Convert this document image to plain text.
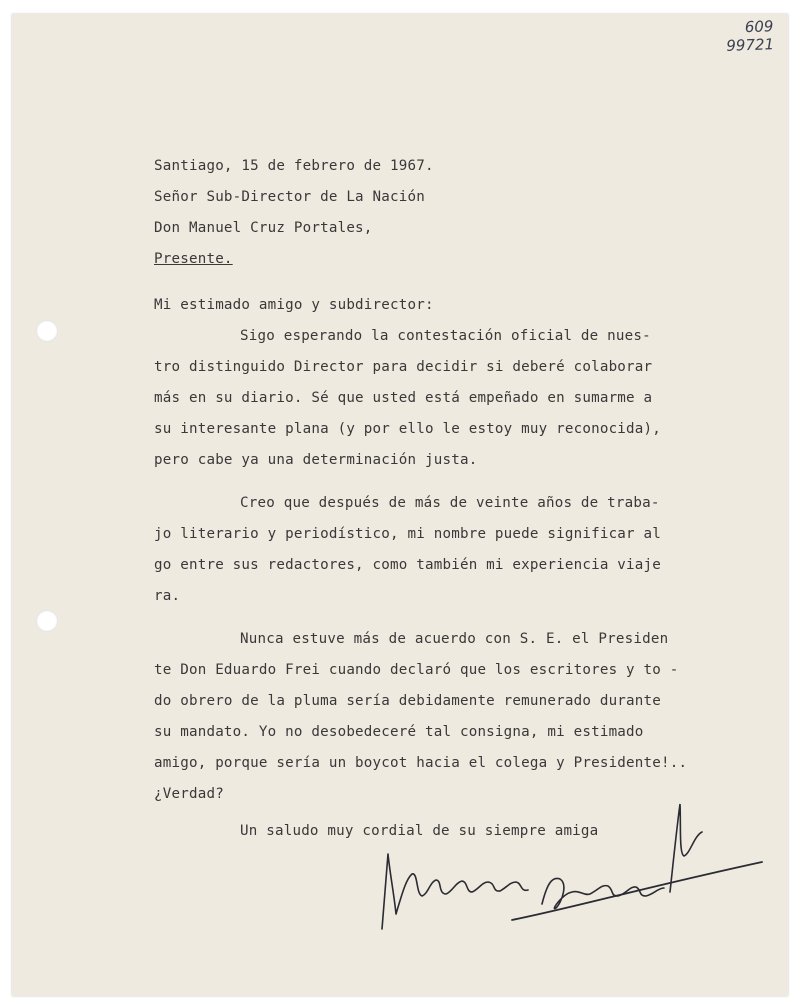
609
99721
Santiago, 15 de febrero de 1967.
Señor Sub-Director de La Nación
Don Manuel Cruz Portales,
Presente.
Mi estimado amigo y subdirector:

Sigo esperando la contestación oficial de nues-

tro distinguido Director para decidir si deberé colaborar

más en su diario. Sé que usted está empeñado en sumarme a

su interesante plana (y por ello le estoy muy reconocida),

pero cabe ya una determinación justa.

Creo que después de más de veinte años de traba-

jo literario y periodístico, mi nombre puede significar al

go entre sus redactores, como también mi experiencia viaje

ra.

Nunca estuve más de acuerdo con S. E. el Presiden

te Don Eduardo Frei cuando declaró que los escritores y to -

do obrero de la pluma sería debidamente remunerado durante

su mandato. Yo no desobedeceré tal consigna, mi estimado

amigo, porque sería un boycot hacia el colega y Presidente!..

¿Verdad?

Un saludo muy cordial de su siempre amiga
